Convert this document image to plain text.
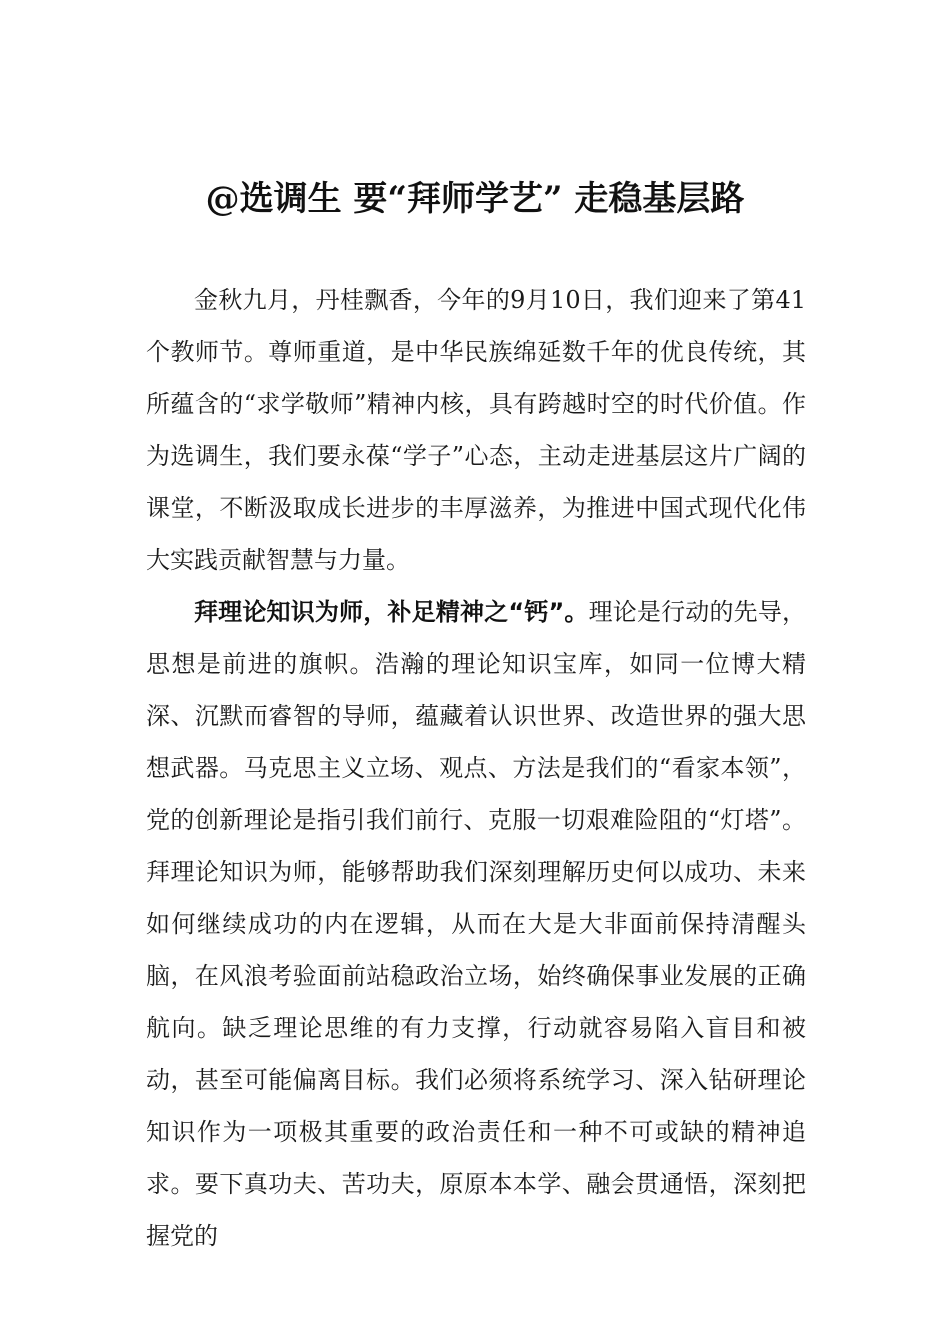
@选调生 要“拜师学艺” 走稳基层路

金秋九月，丹桂飘香，今年的9月10日，我们迎来了第41个教师节。尊师重道，是中华民族绵延数千年的优良传统，其所蕴含的“求学敬师”精神内核，具有跨越时空的时代价值。作为选调生，我们要永葆“学子”心态，主动走进基层这片广阔的课堂，不断汲取成长进步的丰厚滋养，为推进中国式现代化伟大实践贡献智慧与力量。

拜理论知识为师，补足精神之“钙”。理论是行动的先导，思想是前进的旗帜。浩瀚的理论知识宝库，如同一位博大精深、沉默而睿智的导师，蕴藏着认识世界、改造世界的强大思想武器。马克思主义立场、观点、方法是我们的“看家本领”，党的创新理论是指引我们前行、克服一切艰难险阻的“灯塔”。拜理论知识为师，能够帮助我们深刻理解历史何以成功、未来如何继续成功的内在逻辑，从而在大是大非面前保持清醒头脑，在风浪考验面前站稳政治立场，始终确保事业发展的正确航向。缺乏理论思维的有力支撑，行动就容易陷入盲目和被动，甚至可能偏离目标。我们必须将系统学习、深入钻研理论知识作为一项极其重要的政治责任和一种不可或缺的精神追求。要下真功夫、苦功夫，原原本本学、融会贯通悟，深刻把握党的
